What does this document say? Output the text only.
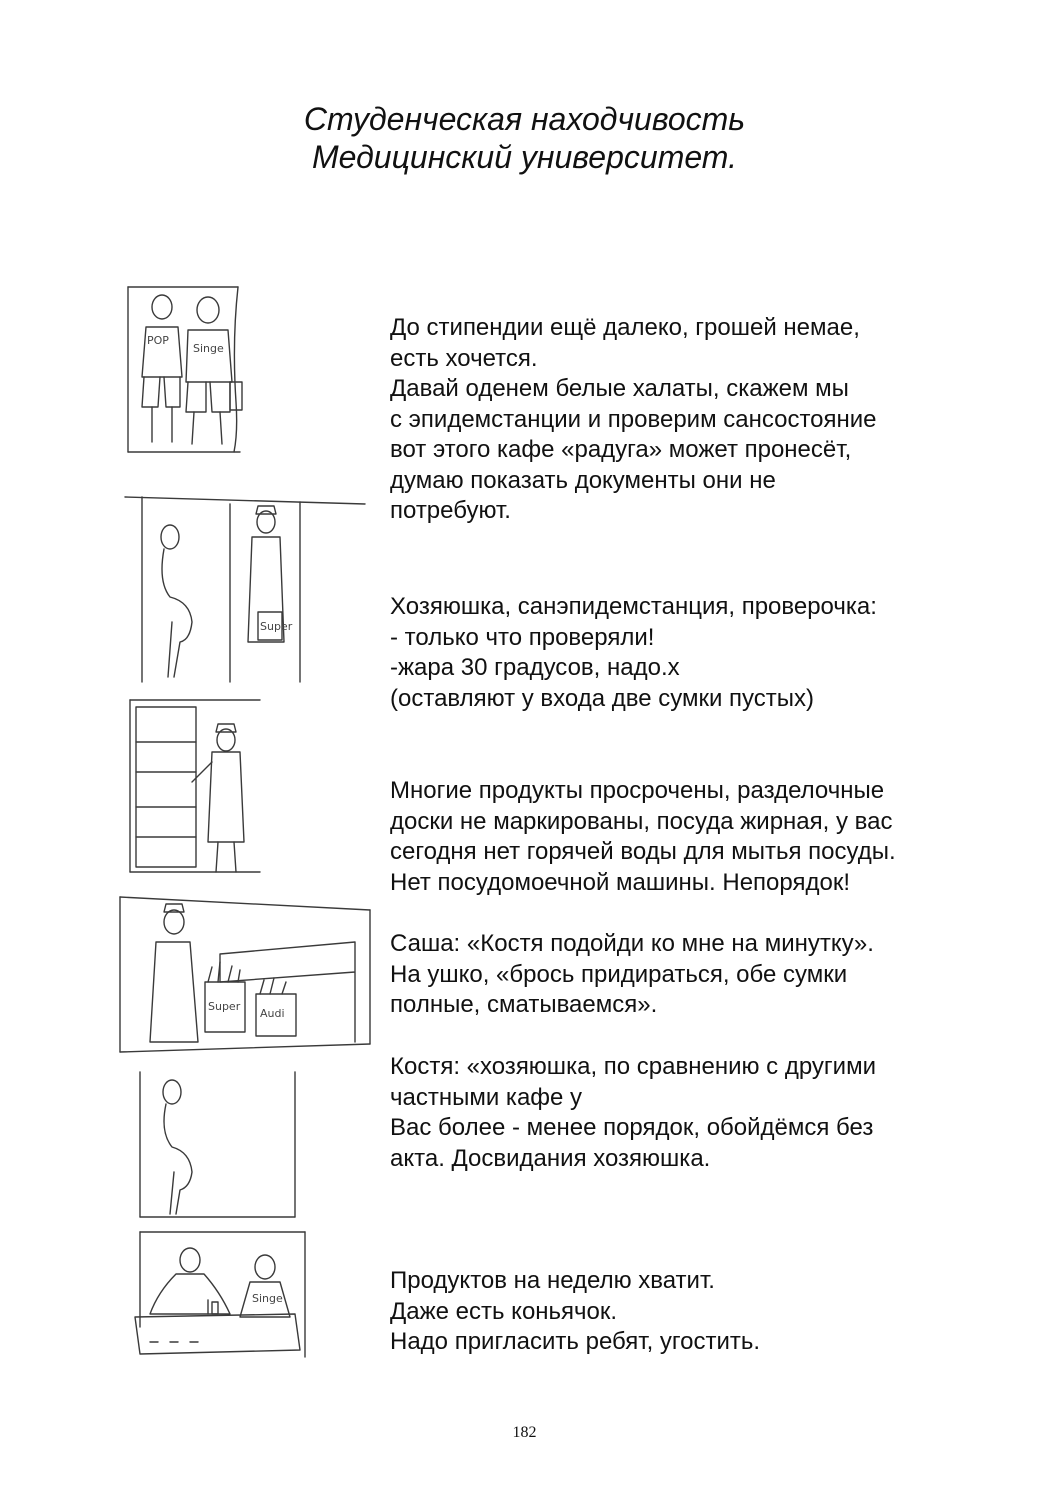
Студенческая находчивость
Медицинский университет.
POP
Singe
Super
Super
Audi
Singe
До стипендии ещё далеко, грошей немае,
есть хочется.
Давай оденем белые халаты, скажем мы
с эпидемстанции и проверим сансостояние
вот этого кафе «радуга» может пронесёт,
думаю показать документы они не
потребуют.
Хозяюшка, санэпидемстанция, проверочка:
- только что проверяли!
-жара 30 градусов, надо.х
(оставляют у входа две сумки пустых)
Многие продукты просрочены, разделочные
доски не маркированы, посуда жирная, у вас
сегодня нет горячей воды для мытья посуды.
Нет посудомоечной машины. Непорядок!
Саша: «Костя подойди ко мне на минутку».
На ушко, «брось придираться, обе сумки
полные, сматываемся».
Костя: «хозяюшка, по сравнению с другими
частными кафе у
Вас более - менее порядок, обойдёмся без
акта. Досвидания хозяюшка.
Продуктов на неделю хватит.
Даже есть коньячок.
Надо пригласить ребят, угостить.
182
